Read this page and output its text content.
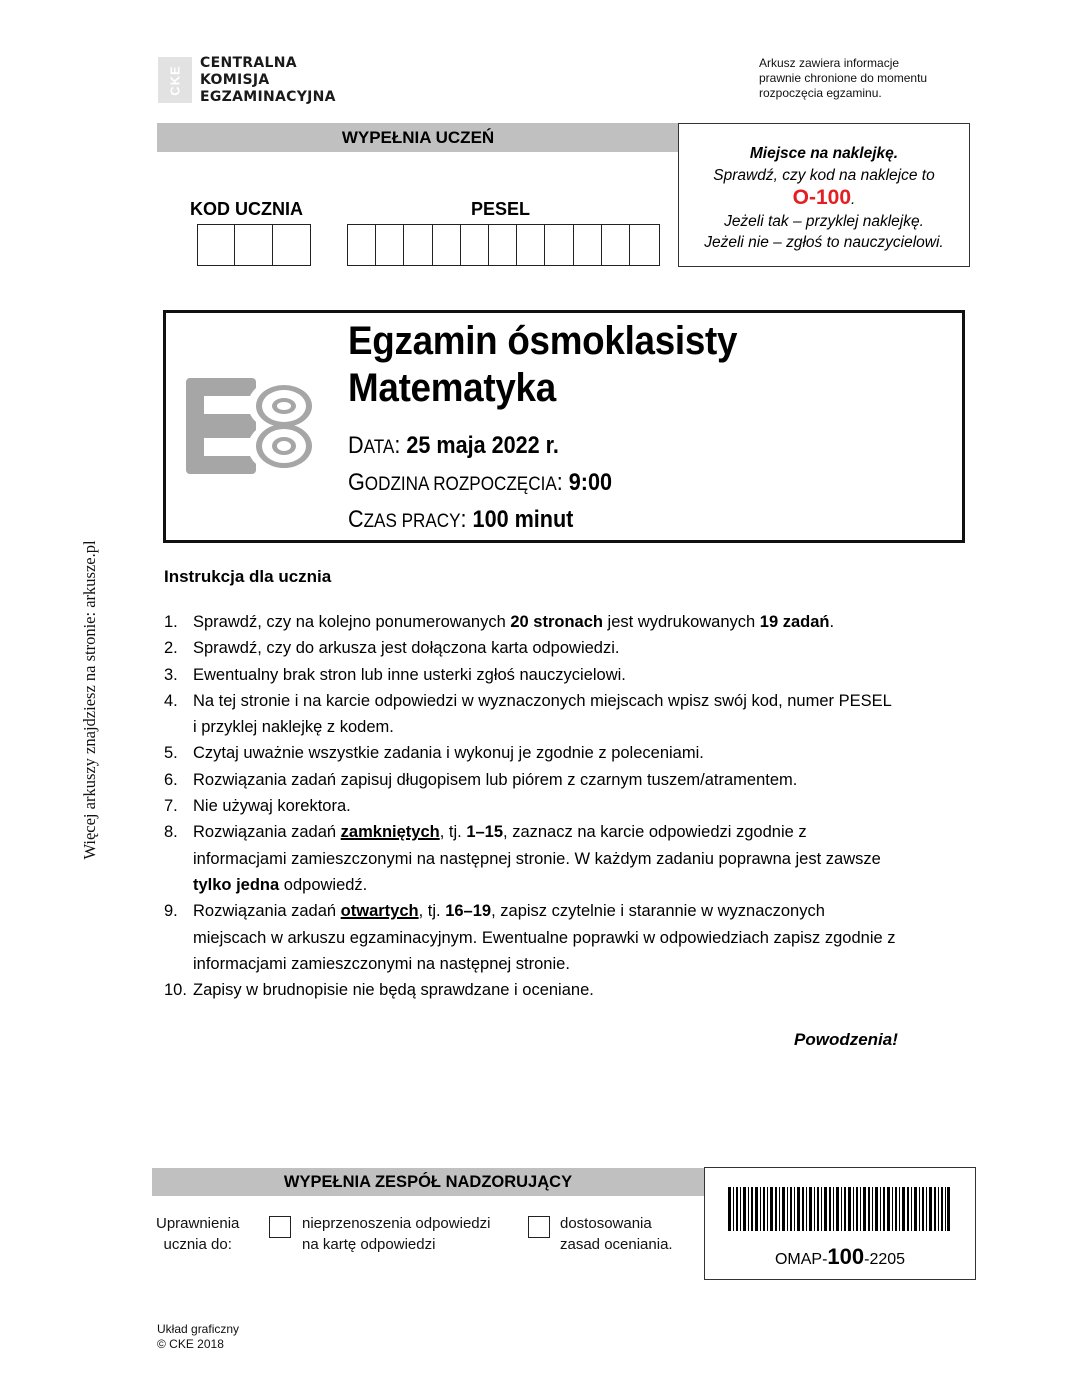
Więcej arkuszy znajdziesz na stronie: arkusze.pl
CKE
CENTRALNA
KOMISJA
EGZAMINACYJNA
Arkusz zawiera informacje
prawnie chronione do momentu
rozpoczęcia egzaminu.
WYPEŁNIA UCZEŃ
KOD UCZNIA	PESEL
Miejsce na naklejkę.
Sprawdź, czy kod na naklejce to
O-100.
Jeżeli tak – przyklej naklejkę.
Jeżeli nie – zgłoś to nauczycielowi.
Egzamin ósmoklasisty
Matematyka
DATA: 25 maja 2022 r.
GODZINA ROZPOCZĘCIA: 9:00
CZAS PRACY: 100 minut
Instrukcja dla ucznia
1. Sprawdź, czy na kolejno ponumerowanych 20 stronach jest wydrukowanych 19 zadań.
2. Sprawdź, czy do arkusza jest dołączona karta odpowiedzi.
3. Ewentualny brak stron lub inne usterki zgłoś nauczycielowi.
4. Na tej stronie i na karcie odpowiedzi w wyznaczonych miejscach wpisz swój kod, numer PESEL i przyklej naklejkę z kodem.
5. Czytaj uważnie wszystkie zadania i wykonuj je zgodnie z poleceniami.
6. Rozwiązania zadań zapisuj długopisem lub piórem z czarnym tuszem/atramentem.
7. Nie używaj korektora.
8. Rozwiązania zadań zamkniętych, tj. 1–15, zaznacz na karcie odpowiedzi zgodnie z informacjami zamieszczonymi na następnej stronie. W każdym zadaniu poprawna jest zawsze tylko jedna odpowiedź.
9. Rozwiązania zadań otwartych, tj. 16–19, zapisz czytelnie i starannie w wyznaczonych miejscach w arkuszu egzaminacyjnym. Ewentualne poprawki w odpowiedziach zapisz zgodnie z informacjami zamieszczonymi na następnej stronie.
10. Zapisy w brudnopisie nie będą sprawdzane i oceniane.
Powodzenia!
WYPEŁNIA ZESPÓŁ NADZORUJĄCY
Uprawnienia
ucznia do:
nieprzenoszenia odpowiedzi
na kartę odpowiedzi
dostosowania
zasad oceniania.
OMAP-100-2205
Układ graficzny
© CKE 2018
